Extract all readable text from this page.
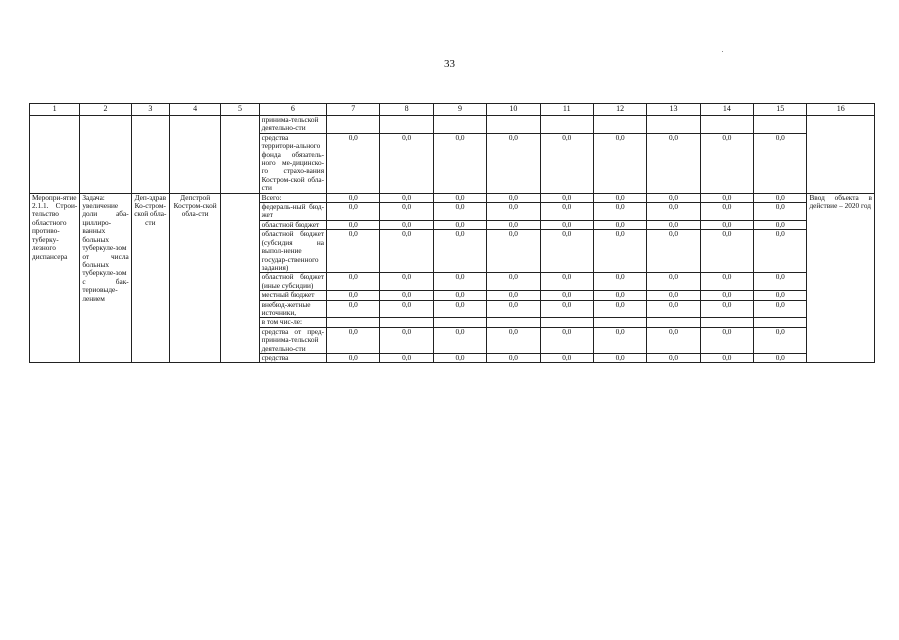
33
1	2	3	4	5	6	7	8	9	10	11	12	13	14	15	16
					принима-тельской деятельно-сти										
					средства территори-ального фонда обязатель-ного ме-дицинско-го страхо-вания Костром-ской обла-сти	0,0	0,0	0,0	0,0	0,0	0,0	0,0	0,0	0,0	
Меропри-ятие 2.1.1. Строи-тельство областного противо-туберку-лезного диспансера	Задача: увеличение доли аба-циллиро-ванных больных туберкуле-зом от числа больных туберкуле-зом с бак-териовыде-лением	Деп-здрав Ко-стром-ской обла-сти	Депстрой Костром-ской обла-сти		Всего:	0,0	0,0	0,0	0,0	0,0	0,0	0,0	0,0	0,0	Ввод объекта в действие – 2020 год
					федераль-ный бюд-жет	0,0	0,0	0,0	0,0	0,0	0,0	0,0	0,0	0,0	
					областной бюджет	0,0	0,0	0,0	0,0	0,0	0,0	0,0	0,0	0,0	
					областной бюджет (субсидия на выпол-нение государ-ственного задания)	0,0	0,0	0,0	0,0	0,0	0,0	0,0	0,0	0,0	
					областной бюджет (иные субсидии)	0,0	0,0	0,0	0,0	0,0	0,0	0,0	0,0	0,0	
					местный бюджет	0,0	0,0	0,0	0,0	0,0	0,0	0,0	0,0	0,0	
					внебюд-жетные источники,	0,0	0,0	0,0	0,0	0,0	0,0	0,0	0,0	0,0	
					в том чис-ле:										
					средства от пред-принима-тельской деятельно-сти	0,0	0,0	0,0	0,0	0,0	0,0	0,0	0,0	0,0	
					средства	0,0	0,0	0,0	0,0	0,0	0,0	0,0	0,0	0,0	
